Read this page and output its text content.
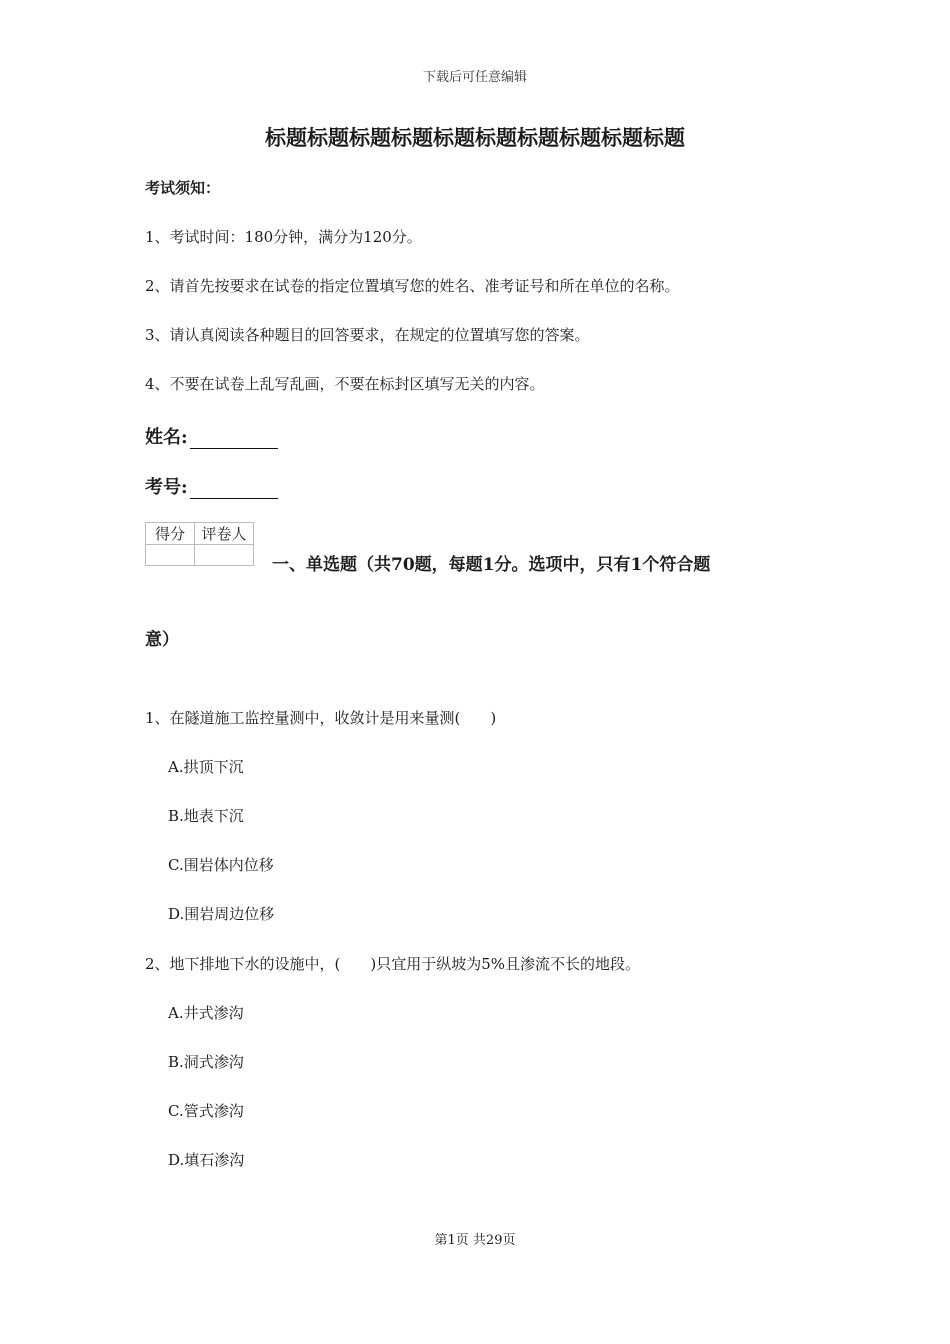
下载后可任意编辑
标题标题标题标题标题标题标题标题标题标题
考试须知：
1、考试时间：180分钟，满分为120分。
2、请首先按要求在试卷的指定位置填写您的姓名、准考证号和所在单位的名称。
3、请认真阅读各种题目的回答要求，在规定的位置填写您的答案。
4、不要在试卷上乱写乱画，不要在标封区填写无关的内容。
姓名:
考号:
得分	评卷人

一、单选题（共70题，每题1分。选项中，只有1个符合题
意）
1、在隧道施工监控量测中，收敛计是用来量测(　　)
A.拱顶下沉
B.地表下沉
C.围岩体内位移
D.围岩周边位移
2、地下排地下水的设施中，(　　)只宜用于纵坡为5%且渗流不长的地段。
A.井式渗沟
B.洞式渗沟
C.管式渗沟
D.填石渗沟
第1页 共29页
